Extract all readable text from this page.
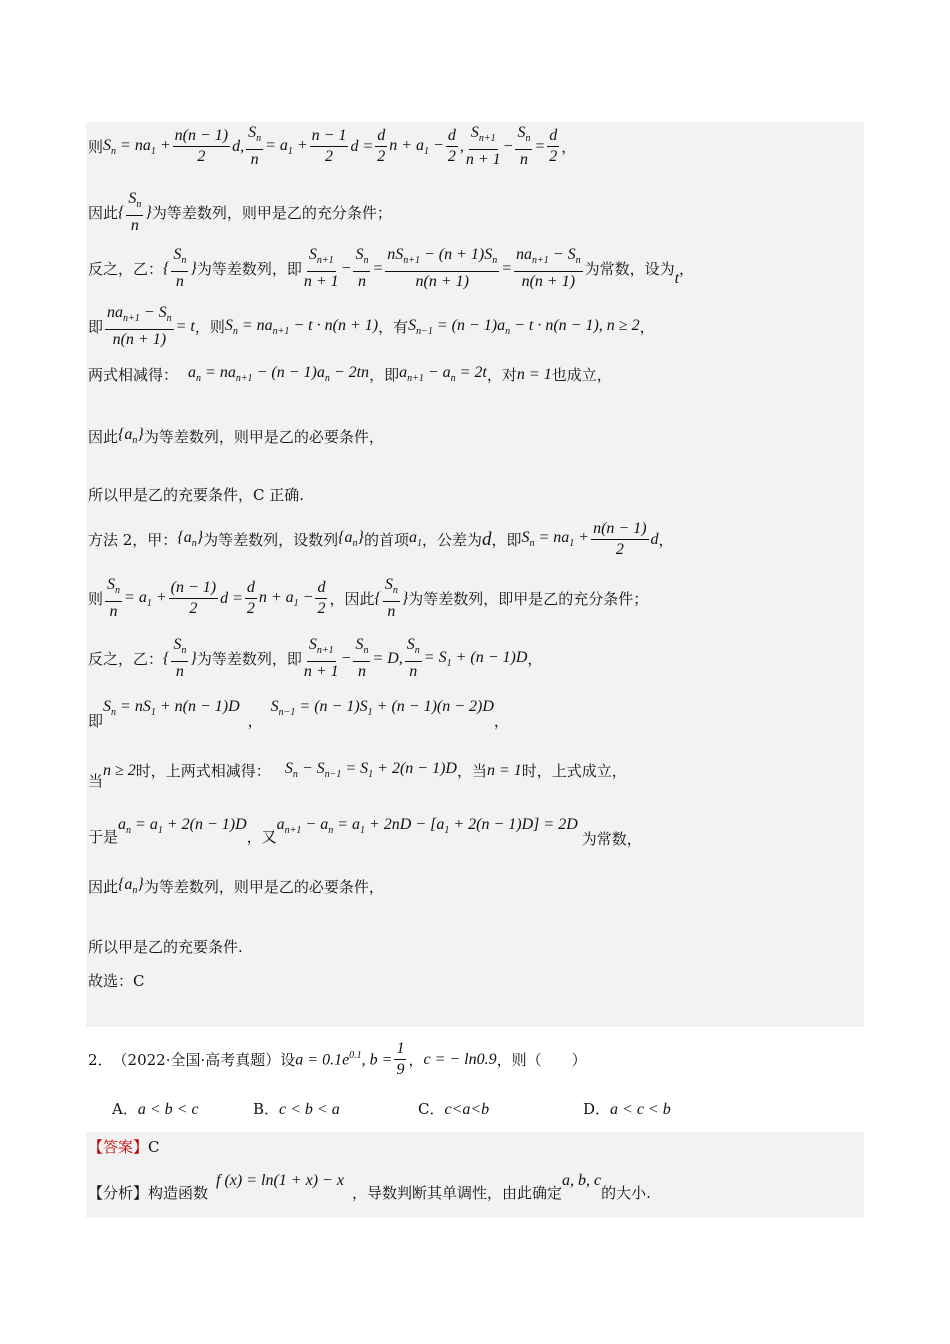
则 $S_n = na_1 + \frac{n(n - 1)}{2} d$, $\frac{S_n}{n} = a_1 + \frac{n - 1}{2}$ $d = \frac{d}{2}$ $n + a_1 - \frac{d}{2}$ , $\frac{S_{n+1}}{n + 1} - \frac{S_n}{n} = \frac{d}{2}$ ，
因此 { $\frac{S_n}{n}$ } 为等差数列，则甲是乙的充分条件；
反之，乙： { $\frac{S_n}{n}$ } 为等差数列，即 $\frac{S_{n+1}}{n + 1} - \frac{S_n}{n} = \frac{nS_{n+1} - (n + 1)S_n}{n(n + 1)} = \frac{na_{n+1} - S_n}{n(n + 1)}$ 为常数，设为 t ，
即 $\frac{na_{n+1} - S_n}{n(n + 1)} = t$ ，则 $S_n = na_{n+1} - t \cdot n(n + 1)$ ，有 $S_{n-1} = (n - 1)a_n - t \cdot n(n - 1)$, n ≥ 2 ，
两式相减得： $a_n = na_{n+1} - (n - 1)a_n - 2tn$ ，即 $a_{n+1} - a_n = 2t$ ，对 n = 1 也成立，
因此 $\{a_n\}$ 为等差数列，则甲是乙的必要条件，
所以甲是乙的充要条件，C 正确.
方法 2，甲： $\{a_n\}$ 为等差数列，设数列 $\{a_n\}$ 的首项 $a_1$ ，公差为 d ，即 $S_n = na_1 + \frac{n(n - 1)}{2}$ d ，
则 $\frac{S_n}{n} = a_1 + \frac{(n - 1)}{2}$ $d = \frac{d}{2}$ $n + a_1 - \frac{d}{2}$ ，因此 { $\frac{S_n}{n}$ } 为等差数列，即甲是乙的充分条件；
反之，乙： { $\frac{S_n}{n}$ } 为等差数列，即 $\frac{S_{n+1}}{n + 1} - \frac{S_n}{n} = D$, $\frac{S_n}{n} = S_1 + (n - 1)D$ ，
即
$S_n = nS_1 + n(n - 1)D$
，
$S_{n-1} = (n - 1)S_1 + (n - 1)(n - 2)D$
，
当
n ≥ 2 时，上两式相减得： $S_n - S_{n-1} = S_1 + 2(n - 1)D$ ，当 n = 1 时，上式成立，
于是
$a_n = a_1 + 2(n - 1)D$
，又
$a_{n+1} - a_n = a_1 + 2nD - [a_1 + 2(n - 1)D] = 2D$
为常数，
因此 $\{a_n\}$ 为等差数列，则甲是乙的必要条件，
所以甲是乙的充要条件.
故选：C
2． （2022·全国·高考真题）设 $a = 0.1e^{0.1}$, $b = \frac{1}{9}$ ， c = − ln0.9 ，则（　　）
A．a < b < c	B．c < b < a	C．c<a<b	D．a < c < b
【答案】 C
【分析】 构造函数
f (x) = ln(1 + x) − x
，导数判断其单调性，由此确定
a, b, c
的大小.
